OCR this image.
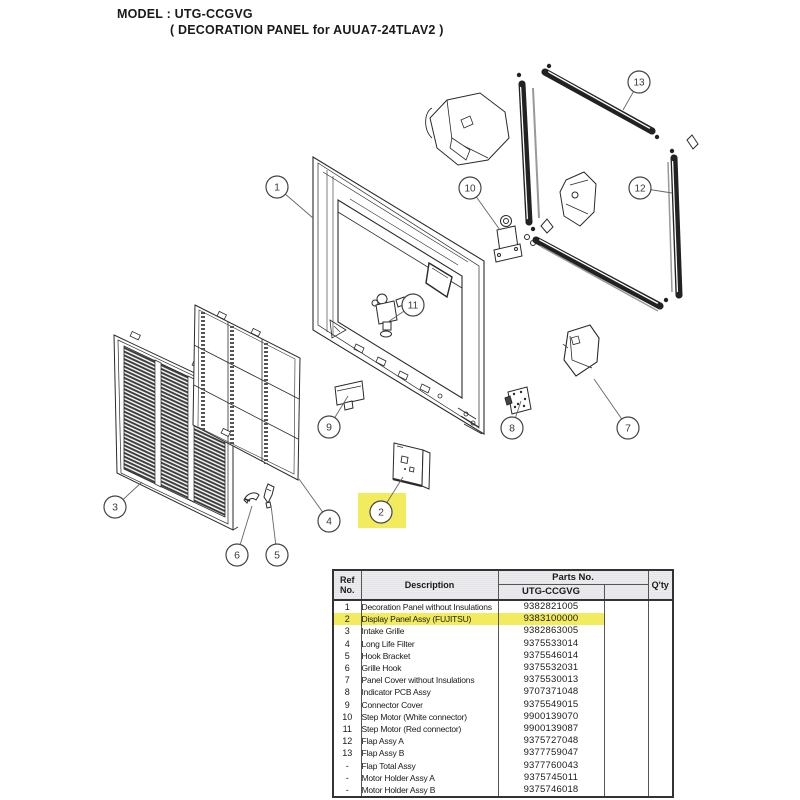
MODEL : UTG-CCGVG
( DECORATION PANEL for AUUA7-24TLAV2 )
1
2
3
4
5
6
7
8
9
10
11
12
13
Ref No.	Description	Parts No.		Q'ty
		UTG-CCGVG		
1	Decoration Panel without Insulations	9382821005		
2	Display Panel Assy (FUJITSU)	9383100000		
3	Intake Grille	9382863005		
4	Long Life Filter	9375533014		
5	Hook Bracket	9375546014		
6	Grille Hook	9375532031		
7	Panel Cover without Insulations	9375530013		
8	Indicator PCB Assy	9707371048		
9	Connector Cover	9375549015		
10	Step Motor (White connector)	9900139070		
11	Step Motor (Red connector)	9900139087		
12	Flap Assy A	9375727048		
13	Flap Assy B	9377759047		
-	Flap Total Assy	9377760043		
-	Motor Holder Assy A	9375745011		
-	Motor Holder Assy B	9375746018		
